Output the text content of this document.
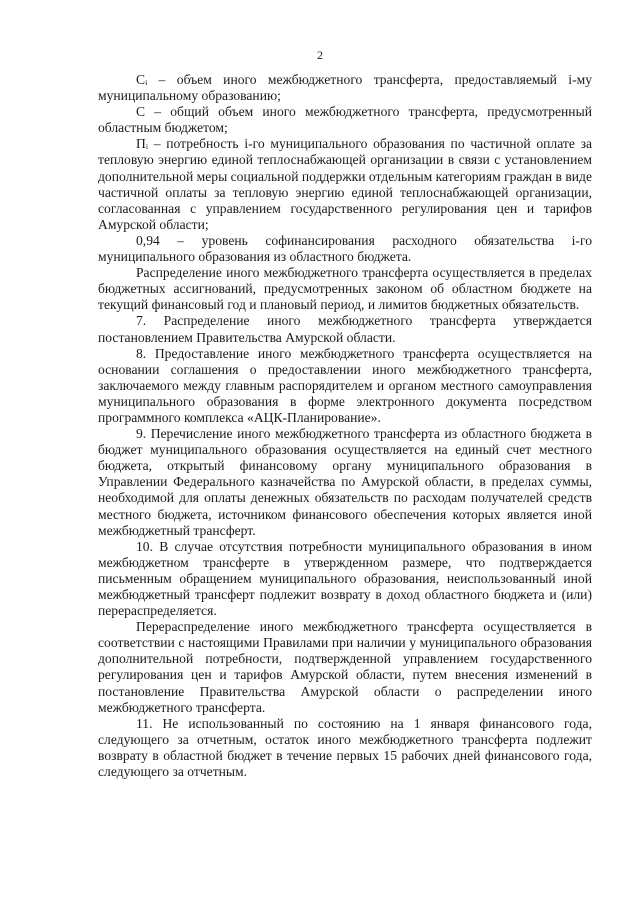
2

Сᵢ – объем иного межбюджетного трансферта, предоставляемый i-му муниципальному образованию;

С – общий объем иного межбюджетного трансферта, предусмотренный областным бюджетом;

Пᵢ – потребность i-го муниципального образования по частичной оплате за тепловую энергию единой теплоснабжающей организации в связи с установлением дополнительной меры социальной поддержки отдельным категориям граждан в виде частичной оплаты за тепловую энергию единой теплоснабжающей организации, согласованная с управлением государственного регулирования цен и тарифов Амурской области;

0,94 – уровень софинансирования расходного обязательства i-го муниципального образования из областного бюджета.

Распределение иного межбюджетного трансферта осуществляется в пределах бюджетных ассигнований, предусмотренных законом об областном бюджете на текущий финансовый год и плановый период, и лимитов бюджетных обязательств.

7. Распределение иного межбюджетного трансферта утверждается постановлением Правительства Амурской области.

8. Предоставление иного межбюджетного трансферта осуществляется на основании соглашения о предоставлении иного межбюджетного трансферта, заключаемого между главным распорядителем и органом местного самоуправления муниципального образования в форме электронного документа посредством программного комплекса «АЦК-Планирование».

9. Перечисление иного межбюджетного трансферта из областного бюджета в бюджет муниципального образования осуществляется на единый счет местного бюджета, открытый финансовому органу муниципального образования в Управлении Федерального казначейства по Амурской области, в пределах суммы, необходимой для оплаты денежных обязательств по расходам получателей средств местного бюджета, источником финансового обеспечения которых является иной межбюджетный трансферт.

10. В случае отсутствия потребности муниципального образования в ином межбюджетном трансферте в утвержденном размере, что подтверждается письменным обращением муниципального образования, неиспользованный иной межбюджетный трансферт подлежит возврату в доход областного бюджета и (или) перераспределяется.

Перераспределение иного межбюджетного трансферта осуществляется в соответствии с настоящими Правилами при наличии у муниципального образования дополнительной потребности, подтвержденной управлением государственного регулирования цен и тарифов Амурской области, путем внесения изменений в постановление Правительства Амурской области о распределении иного межбюджетного трансферта.

11. Не использованный по состоянию на 1 января финансового года, следующего за отчетным, остаток иного межбюджетного трансферта подлежит возврату в областной бюджет в течение первых 15 рабочих дней финансового года, следующего за отчетным.
